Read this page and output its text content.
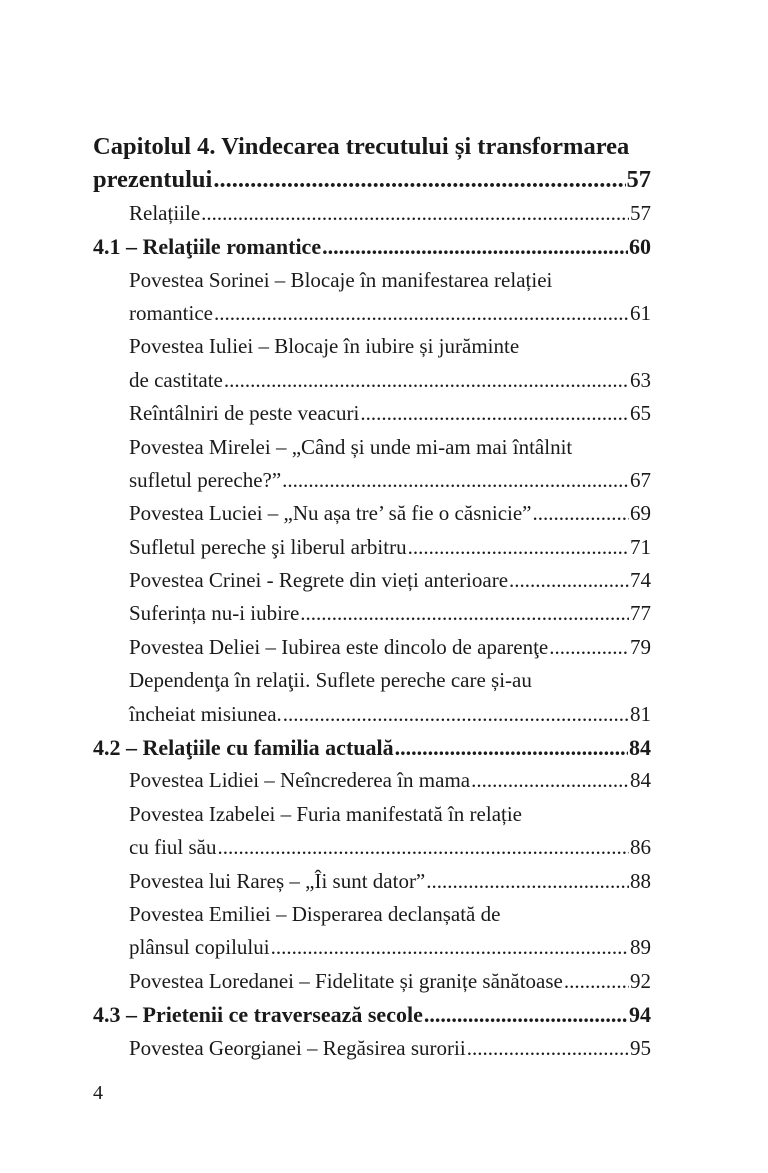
Capitolul 4. Vindecarea trecutului și transformarea
prezentului .....	57
Relațiile .....	57
4.1 – Relaţiile romantice .....	60
Povestea Sorinei – Blocaje în manifestarea relației
romantice .....	61
Povestea Iuliei – Blocaje în iubire și jurăminte
de castitate .....	63
Reîntâlniri de peste veacuri .....	65
Povestea Mirelei – „Când și unde mi-am mai întâlnit
sufletul pereche?” .....	67
Povestea Luciei – „Nu așa tre’ să fie o căsnicie” .....	69
Sufletul pereche şi liberul arbitru .....	71
Povestea Crinei - Regrete din vieți anterioare .....	74
Suferința nu-i iubire .....	77
Povestea Deliei – Iubirea este dincolo de aparenţe .....	79
Dependenţa în relaţii. Suflete pereche care și-au
încheiat misiunea. .....	81
4.2 – Relaţiile cu familia actuală .....	84
Povestea Lidiei – Neîncrederea în mama .....	84
Povestea Izabelei – Furia manifestată în relație
cu fiul său .....	86
Povestea lui Rareș – „Îi sunt dator” .....	88
Povestea Emiliei – Disperarea declanșată de
plânsul copilului .....	89
Povestea Loredanei – Fidelitate și granițe sănătoase .....	92
4.3 – Prietenii ce traversează secole .....	94
Povestea Georgianei – Regăsirea surorii .....	95
4
